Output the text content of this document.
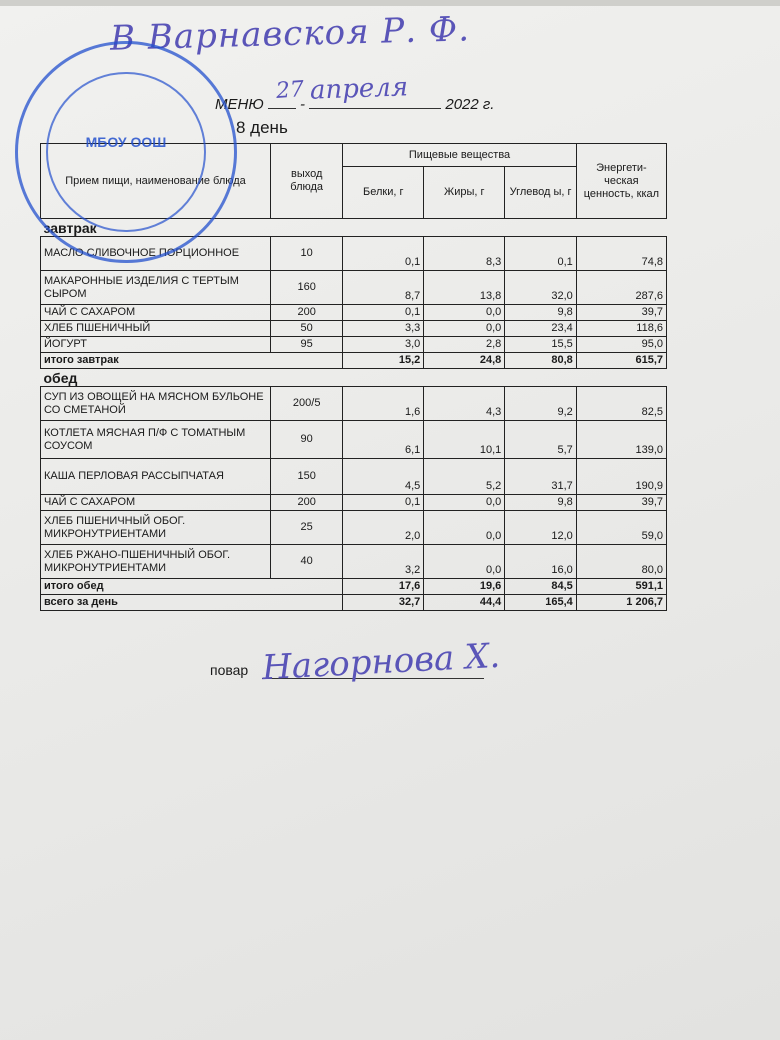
В Варнавскоя Р. Ф.
МЕНЮ  -	2022 г.
27 апреля
8 день
Прием пищи, наименование блюда	выход блюда	Пищевые вещества			Энергети-ческая ценность, ккал
		Белки, г	Жиры, г	Углевод ы, г	
завтрак					
МАСЛО СЛИВОЧНОЕ ПОРЦИОННОЕ	10	0,1	8,3	0,1	74,8
МАКАРОННЫЕ ИЗДЕЛИЯ С ТЕРТЫМ СЫРОМ	160	8,7	13,8	32,0	287,6
ЧАЙ С САХАРОМ	200	0,1	0,0	9,8	39,7
ХЛЕБ ПШЕНИЧНЫЙ	50	3,3	0,0	23,4	118,6
ЙОГУРТ	95	3,0	2,8	15,5	95,0
итого завтрак		15,2	24,8	80,8	615,7
обед					
СУП ИЗ ОВОЩЕЙ НА МЯСНОМ БУЛЬОНЕ СО СМЕТАНОЙ	200/5	1,6	4,3	9,2	82,5
КОТЛЕТА МЯСНАЯ П/Ф С ТОМАТНЫМ СОУСОМ	90	6,1	10,1	5,7	139,0
КАША ПЕРЛОВАЯ РАССЫПЧАТАЯ	150	4,5	5,2	31,7	190,9
ЧАЙ С САХАРОМ	200	0,1	0,0	9,8	39,7
ХЛЕБ ПШЕНИЧНЫЙ ОБОГ. МИКРОНУТРИЕНТАМИ	25	2,0	0,0	12,0	59,0
ХЛЕБ РЖАНО-ПШЕНИЧНЫЙ ОБОГ. МИКРОНУТРИЕНТАМИ	40	3,2	0,0	16,0	80,0
итого обед		17,6	19,6	84,5	591,1
всего за день		32,7	44,4	165,4	1 206,7
повар Нагорнова Х.
МБОУ ООШ
